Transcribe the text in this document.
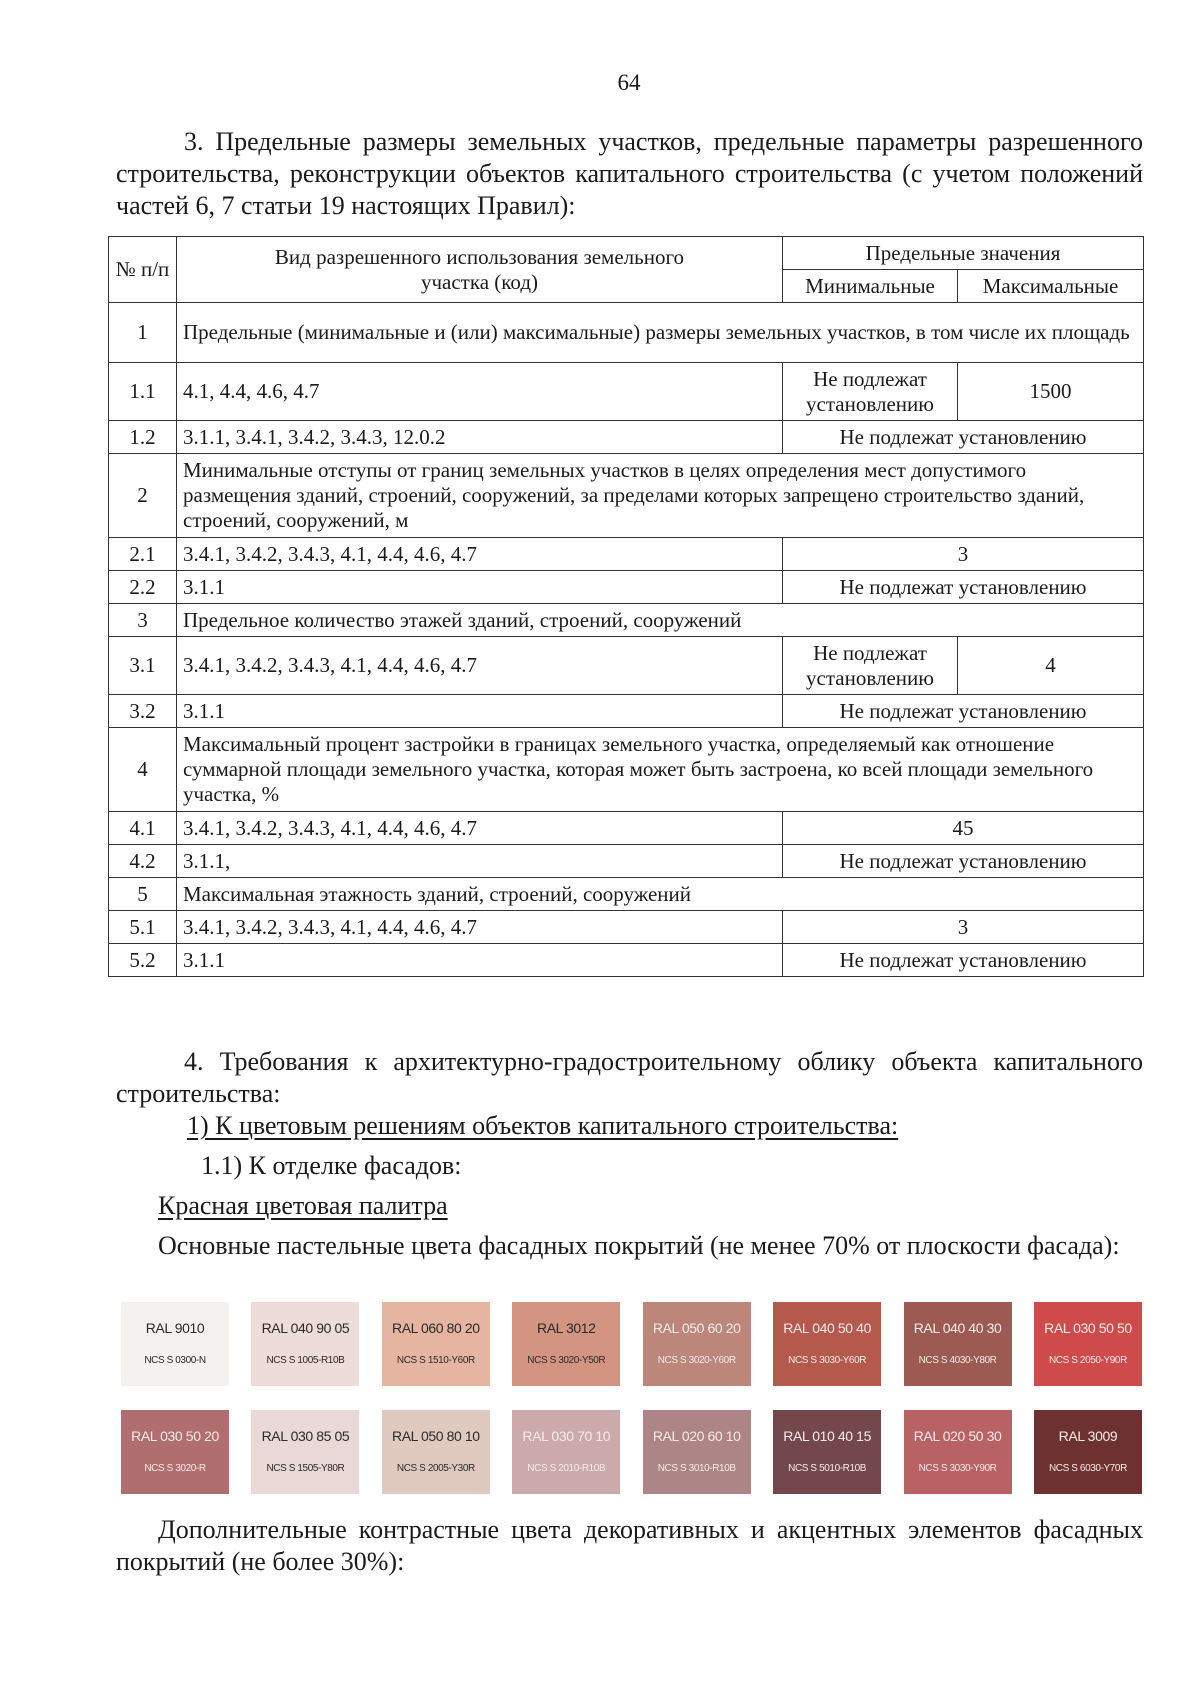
64
3. Предельные размеры земельных участков, предельные параметры разрешенного строительства, реконструкции объектов капитального строительства (с учетом положений частей 6, 7 статьи 19 настоящих Правил):
№ п/п	Вид разрешенного использования земельного участка (код)	Предельные значения	
		Минимальные	Максимальные
1	Предельные (минимальные и (или) максимальные) размеры земельных участков, в том числе их площадь		
1.1	4.1, 4.4, 4.6, 4.7	Не подлежат установлению	1500
1.2	3.1.1, 3.4.1, 3.4.2, 3.4.3, 12.0.2	Не подлежат установлению	
2	Минимальные отступы от границ земельных участков в целях определения мест допустимого размещения зданий, строений, сооружений, за пределами которых запрещено строительство зданий, строений, сооружений, м		
2.1	3.4.1, 3.4.2, 3.4.3, 4.1, 4.4, 4.6, 4.7	3	
2.2	3.1.1	Не подлежат установлению	
3	Предельное количество этажей зданий, строений, сооружений		
3.1	3.4.1, 3.4.2, 3.4.3, 4.1, 4.4, 4.6, 4.7	Не подлежат установлению	4
3.2	3.1.1	Не подлежат установлению	
4	Максимальный процент застройки в границах земельного участка, определяемый как отношение суммарной площади земельного участка, которая может быть застроена, ко всей площади земельного участка, %		
4.1	3.4.1, 3.4.2, 3.4.3, 4.1, 4.4, 4.6, 4.7	45	
4.2	3.1.1,	Не подлежат установлению	
5	Максимальная этажность зданий, строений, сооружений		
5.1	3.4.1, 3.4.2, 3.4.3, 4.1, 4.4, 4.6, 4.7	3	
5.2	3.1.1	Не подлежат установлению	
4. Требования к архитектурно-градостроительному облику объекта капитального строительства:
1) К цветовым решениям объектов капитального строительства:
1.1) К отделке фасадов:
Красная цветовая палитра
Основные пастельные цвета фасадных покрытий (не менее 70% от плоскости фасада):
RAL 9010
NCS S 0300-N
RAL 040 90 05
NCS S 1005-R10B
RAL 060 80 20
NCS S 1510-Y60R
RAL 3012
NCS S 3020-Y50R
RAL 050 60 20
NCS S 3020-Y60R
RAL 040 50 40
NCS S 3030-Y60R
RAL 040 40 30
NCS S 4030-Y80R
RAL 030 50 50
NCS S 2050-Y90R
RAL 030 50 20
NCS S 3020-R
RAL 030 85 05
NCS S 1505-Y80R
RAL 050 80 10
NCS S 2005-Y30R
RAL 030 70 10
NCS S 2010-R10B
RAL 020 60 10
NCS S 3010-R10B
RAL 010 40 15
NCS S 5010-R10B
RAL 020 50 30
NCS S 3030-Y90R
RAL 3009
NCS S 6030-Y70R
Дополнительные контрастные цвета декоративных и акцентных элементов фасадных покрытий (не более 30%):
